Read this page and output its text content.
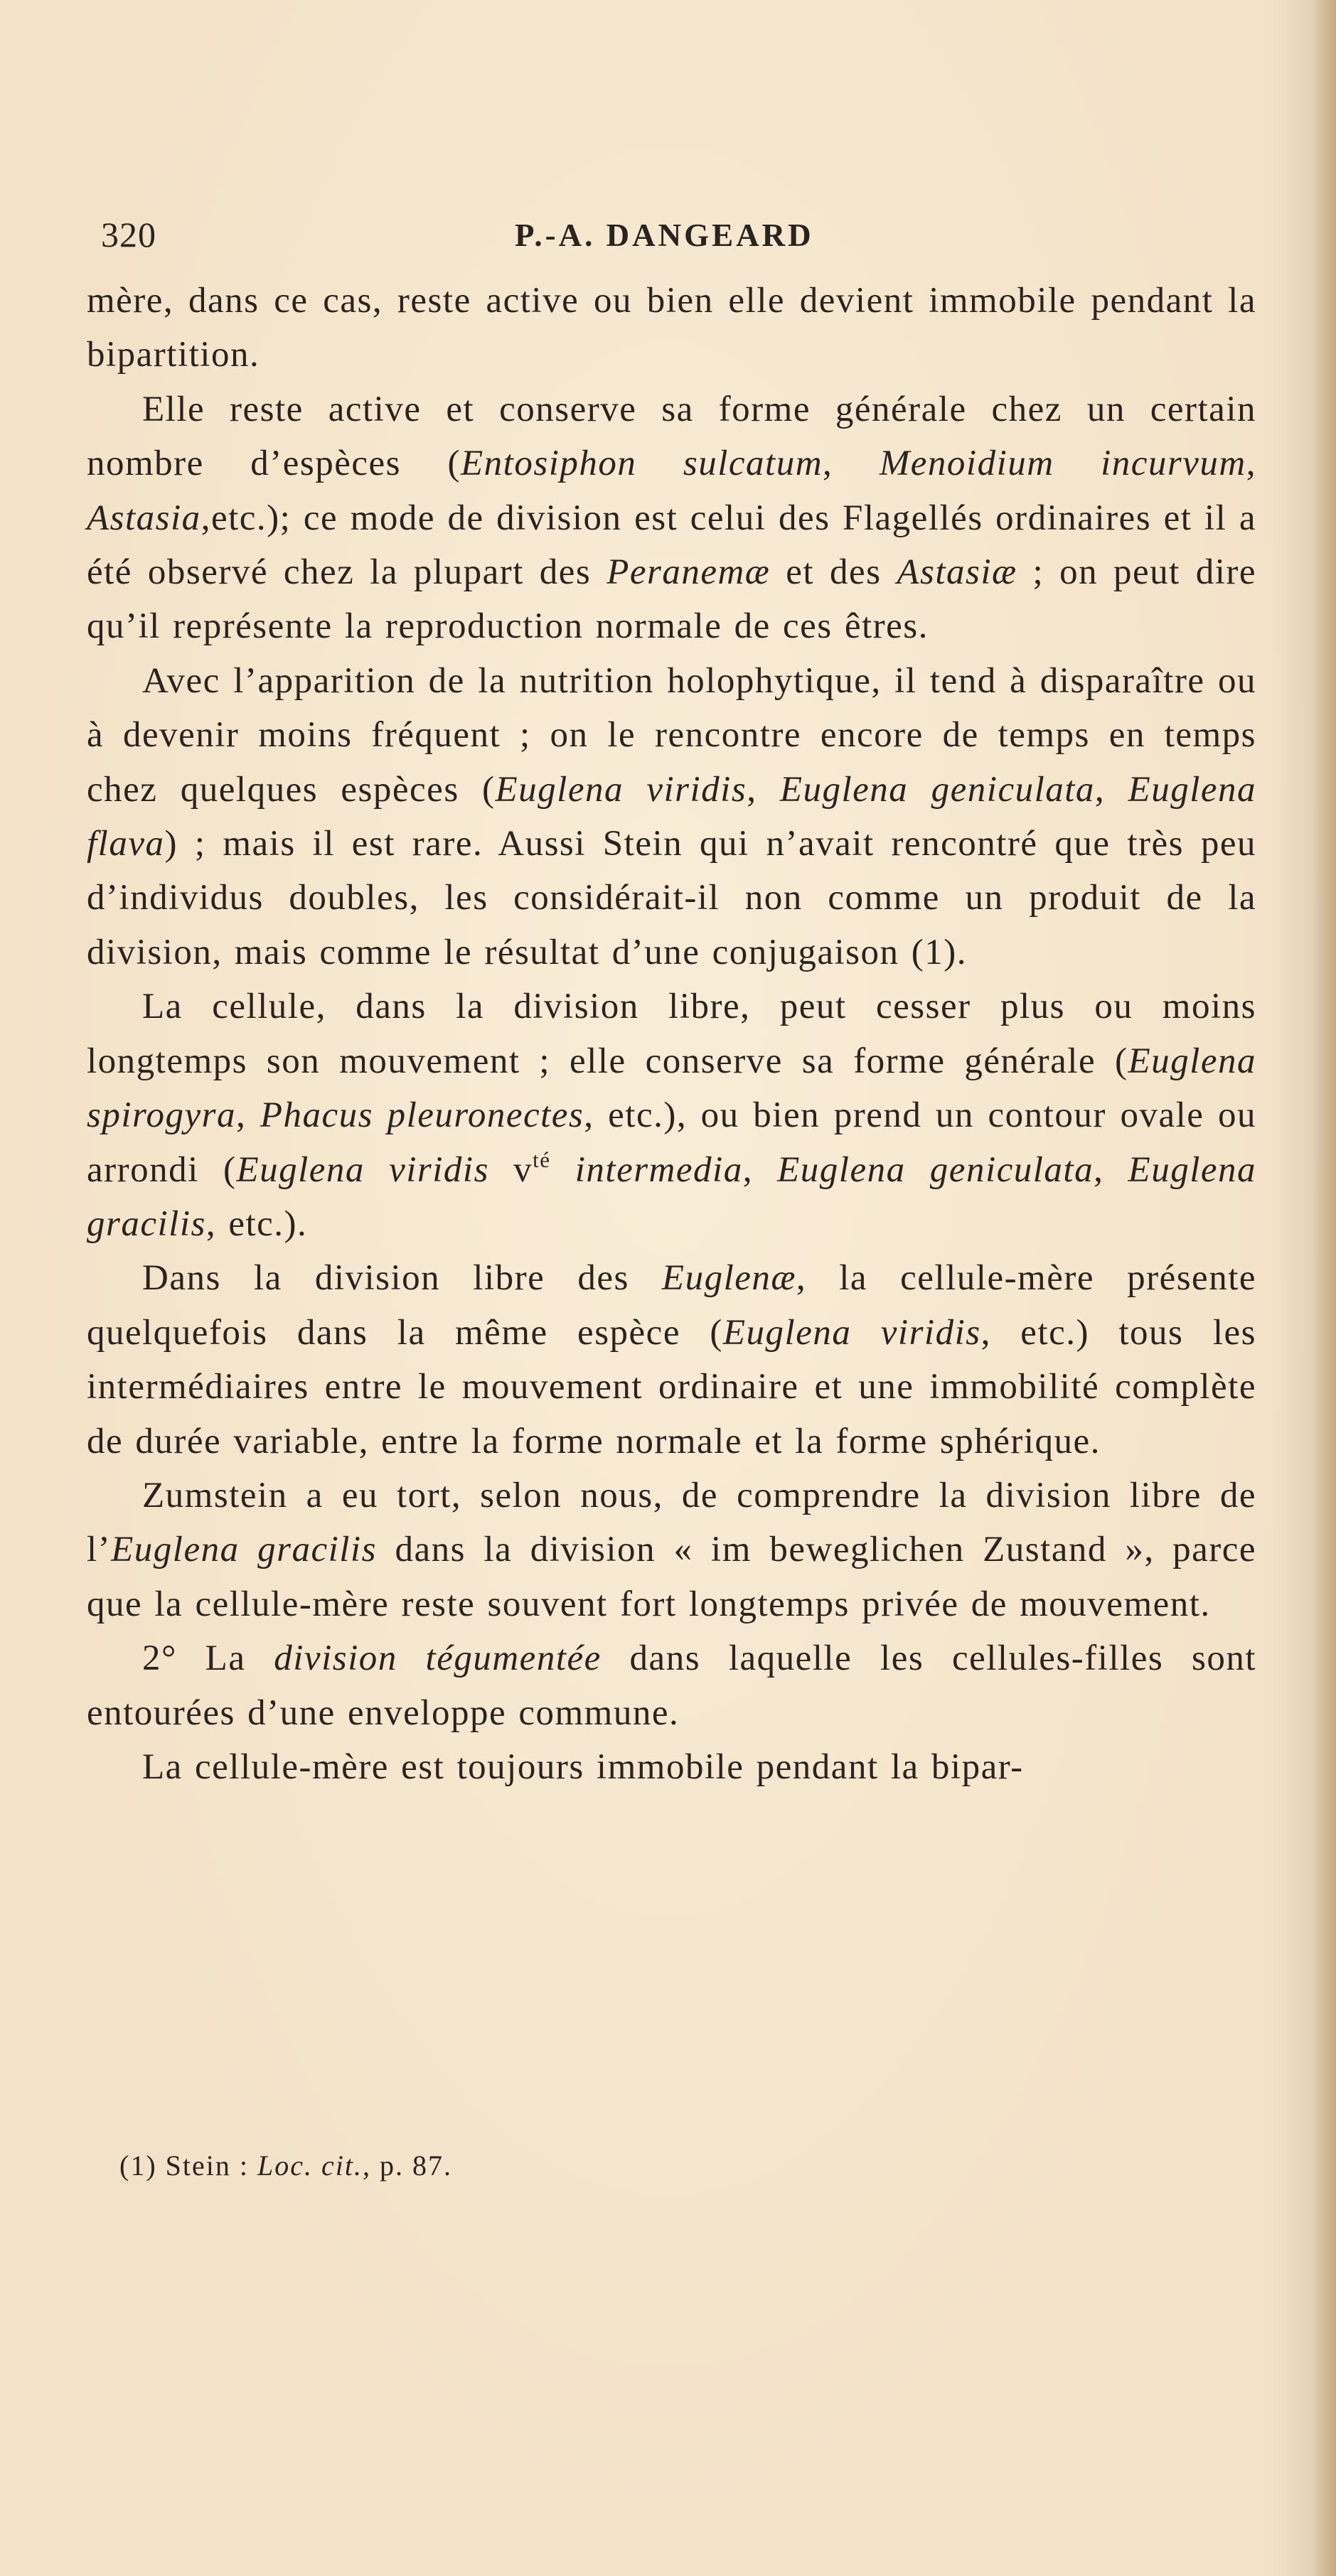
320	P.-A. DANGEARD

mère, dans ce cas, reste active ou bien elle devient immobile pendant la bipartition.

Elle reste active et conserve sa forme générale chez un certain nombre d’espèces (Entosiphon sulcatum, Menoidium incurvum, Astasia,etc.); ce mode de division est celui des Flagellés ordinaires et il a été observé chez la plupart des Peranemæ et des Astasiæ ; on peut dire qu’il représente la reproduction normale de ces êtres.

Avec l’apparition de la nutrition holophytique, il tend à disparaître ou à devenir moins fréquent ; on le rencontre encore de temps en temps chez quelques espèces (Euglena viridis, Euglena geniculata, Euglena flava) ; mais il est rare. Aussi Stein qui n’avait rencontré que très peu d’individus doubles, les considérait-il non comme un produit de la division, mais comme le résultat d’une conjugaison (1).

La cellule, dans la division libre, peut cesser plus ou moins longtemps son mouvement ; elle conserve sa forme générale (Euglena spirogyra, Phacus pleuronectes, etc.), ou bien prend un contour ovale ou arrondi (Euglena viridis $v^{té}$ intermedia, Euglena geniculata, Euglena gracilis, etc.).

Dans la division libre des Euglenæ, la cellule-mère présente quelquefois dans la même espèce (Euglena viridis, etc.) tous les intermédiaires entre le mouvement ordinaire et une immobilité complète de durée variable, entre la forme normale et la forme sphérique.

Zumstein a eu tort, selon nous, de comprendre la division libre de l’Euglena gracilis dans la division « im beweglichen Zustand », parce que la cellule-mère reste souvent fort longtemps privée de mouvement.

2° La division tégumentée dans laquelle les cellules-filles sont entourées d’une enveloppe commune.

La cellule-mère est toujours immobile pendant la bipar-

(1) Stein : Loc. cit., p. 87.
